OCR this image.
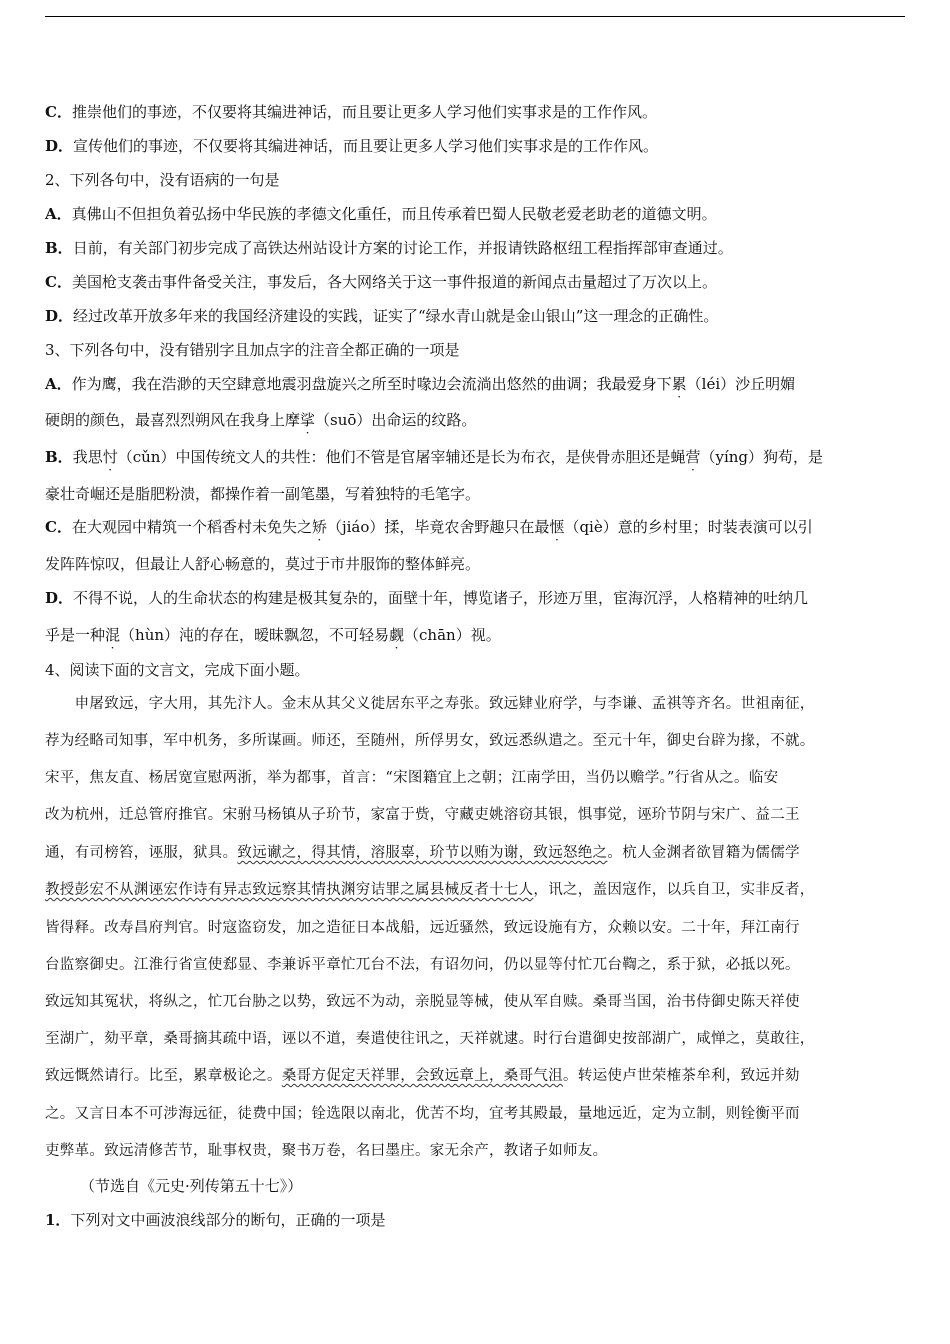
C．推崇他们的事迹，不仅要将其编进神话，而且要让更多人学习他们实事求是的工作作风。
D．宣传他们的事迹，不仅要将其编进神话，而且要让更多人学习他们实事求是的工作作风。
2、下列各句中，没有语病的一句是
A．真佛山不但担负着弘扬中华民族的孝德文化重任，而且传承着巴蜀人民敬老爱老助老的道德文明。
B．日前，有关部门初步完成了高铁达州站设计方案的讨论工作，并报请铁路枢纽工程指挥部审查通过。
C．美国枪支袭击事件备受关注，事发后，各大网络关于这一事件报道的新闻点击量超过了万次以上。
D．经过改革开放多年来的我国经济建设的实践，证实了“绿水青山就是金山银山”这一理念的正确性。
3、下列各句中，没有错别字且加点字的注音全都正确的一项是
A．作为鹰，我在浩渺的天空肆意地震羽盘旋兴之所至时喙边会流淌出悠然的曲调；我最爱身下累（léi）沙丘明媚
硬朗的颜色，最喜烈烈朔风在我身上摩挲（suō）出命运的纹路。
B．我思忖（cǔn）中国传统文人的共性：他们不管是官屠宰辅还是长为布衣，是侠骨赤胆还是蝇营（yíng）狗苟，是
豪壮奇崛还是脂肥粉溃，都操作着一副笔墨，写着独特的毛笔字。
C．在大观园中精筑一个稻香村未免失之矫（jiáo）揉，毕竟农舍野趣只在最惬（qiè）意的乡村里；时装表演可以引
发阵阵惊叹，但最让人舒心畅意的，莫过于市井服饰的整体鲜亮。
D．不得不说，人的生命状态的构建是极其复杂的，面壁十年，博览诸子，形迹万里，宦海沉浮，人格精神的吐纳几
乎是一种混（hùn）沌的存在，暧昧飘忽，不可轻易觑（chān）视。
4、阅读下面的文言文，完成下面小题。
　　申屠致远，字大用，其先汴人。金末从其父义徙居东平之寿张。致远肄业府学，与李谦、孟祺等齐名。世祖南征，
荐为经略司知事，军中机务，多所谋画。师还，至随州，所俘男女，致远悉纵遣之。至元十年，御史台辟为掾，不就。
宋平，焦友直、杨居宽宣慰两浙，举为都事，首言：“宋图籍宜上之朝；江南学田，当仍以赡学。”行省从之。临安
改为杭州，迁总管府推官。宋驸马杨镇从子玠节，家富于赀，守藏吏姚溶窃其银，惧事觉，诬玠节阴与宋广、益二王
通，有司榜笞，诬服，狱具。致远谳之，得其情，溶服辜，玠节以贿为谢，致远怒绝之。杭人金渊者欲冒籍为儒儒学
教授彭宏不从渊诬宏作诗有异志致远察其情执渊穷诘罪之属县械反者十七人，讯之，盖因寇作，以兵自卫，实非反者，
皆得释。改寿昌府判官。时寇盗窃发，加之造征日本战船，远近骚然，致远设施有方，众赖以安。二十年，拜江南行
台监察御史。江淮行省宣使郄显、李兼诉平章忙兀台不法，有诏勿问，仍以显等付忙兀台鞫之，系于狱，必抵以死。
致远知其冤状，将纵之，忙兀台胁之以势，致远不为动，亲脱显等械，使从军自赎。桑哥当国，治书侍御史陈天祥使
至湖广，劾平章，桑哥摘其疏中语，诬以不道，奏遣使往讯之，天祥就逮。时行台遣御史按部湖广，咸惮之，莫敢往，
致远慨然请行。比至，累章极论之。桑哥方促定天祥罪，会致远章上，桑哥气沮。转运使卢世荣榷茶牟利，致远并劾
之。又言日本不可涉海远征，徒费中国；铨选限以南北，优苦不均，宜考其殿最，量地远近，定为立制，则铨衡平而
吏弊革。致远清修苦节，耻事权贵，聚书万卷，名曰墨庄。家无余产，教诸子如师友。
（节选自《元史·列传第五十七》）
1．下列对文中画波浪线部分的断句，正确的一项是
